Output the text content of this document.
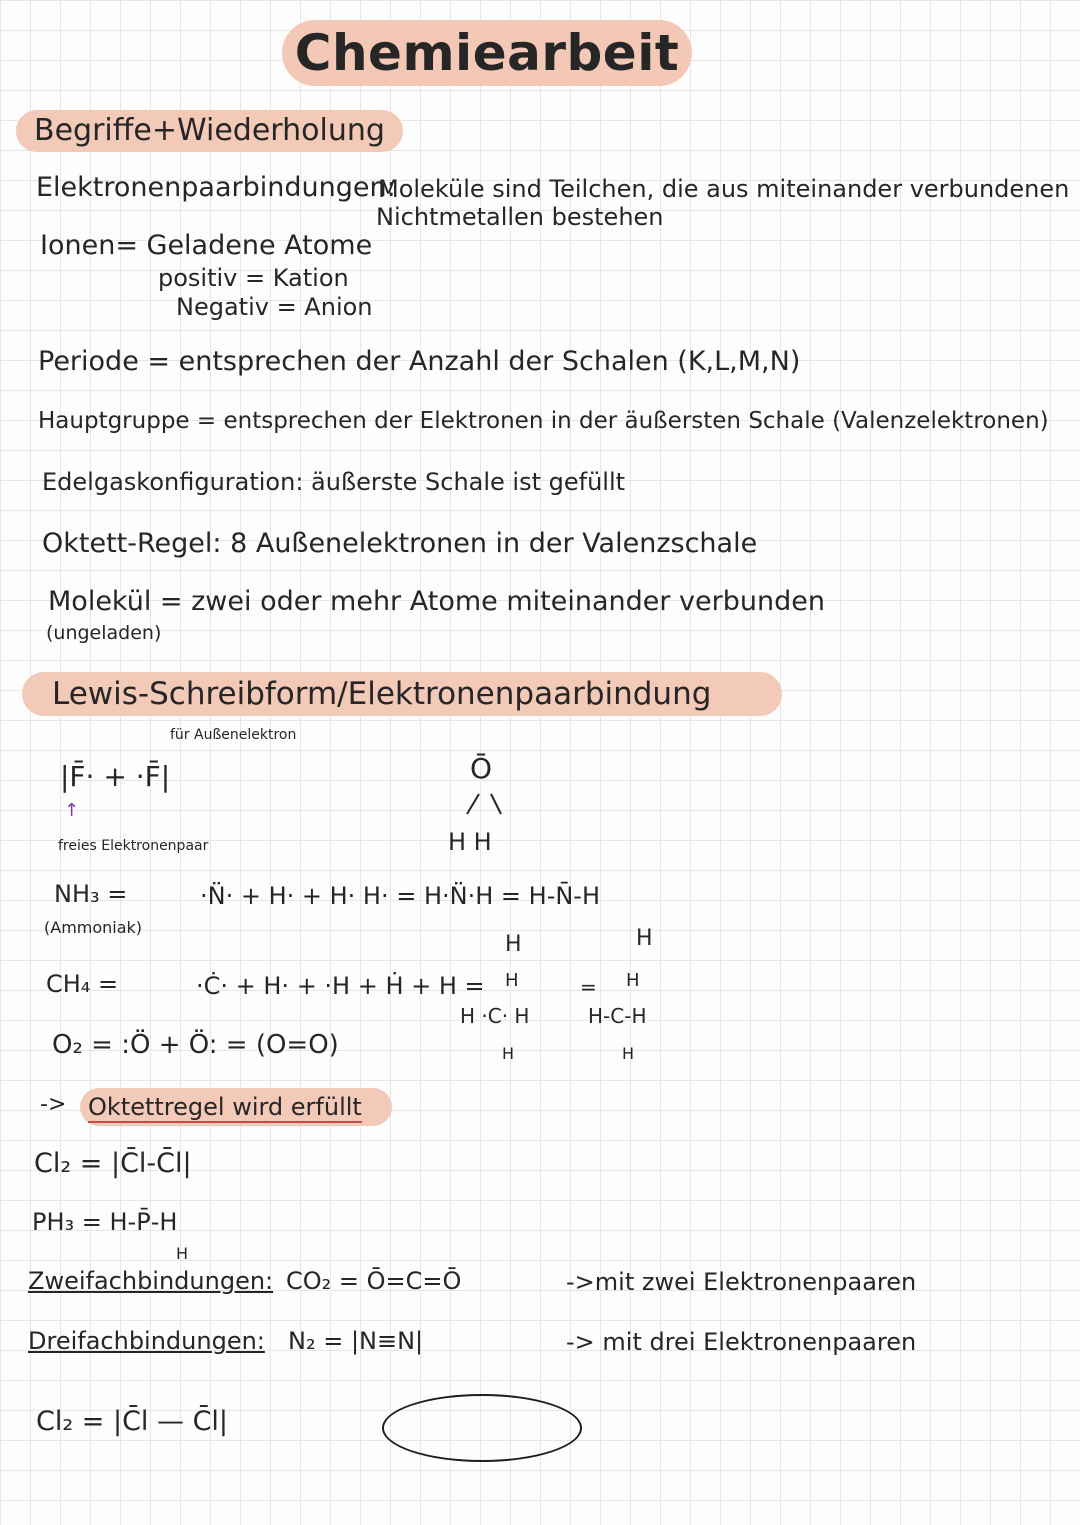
Chemiearbeit
Begriffe+Wiederholung
Elektronenpaarbindungen:
Moleküle sind Teilchen, die aus miteinander verbundenen
Nichtmetallen bestehen
Ionen= Geladene Atome
positiv = Kation
Negativ = Anion
Periode = entsprechen der Anzahl der Schalen (K,L,M,N)
Hauptgruppe = entsprechen der Elektronen in der äußersten Schale (Valenzelektronen)
Edelgaskonfiguration: äußerste Schale ist gefüllt
Oktett-Regel: 8 Außenelektronen in der Valenzschale
Molekül = zwei oder mehr Atome miteinander verbunden
(ungeladen)
Lewis-Schreibform/Elektronenpaarbindung
für Außenelektron
|F̄· + ·F̄|
↑
freies Elektronenpaar
Ō
H H
NH₃ =
(Ammoniak)
·N̈· + H· + H· H· = H·N̈·H = H-N̄-H
H	H
CH₄ =	·Ċ· + H· + ·H + Ḣ + H = H
H ·C· H
H
= H
H-C-H
H
O₂ = :Ö + Ö: = (O=O)
-> Oktettregel wird erfüllt
Cl₂ = |C̄l-C̄l|
PH₃ = H-P̄-H
H
Zweifachbindungen: CO₂ = Ō=C=Ō	->mit zwei Elektronenpaaren
Dreifachbindungen: N₂ = |N≡N|	-> mit drei Elektronenpaaren
Cl₂ = |C̄l — C̄l|
